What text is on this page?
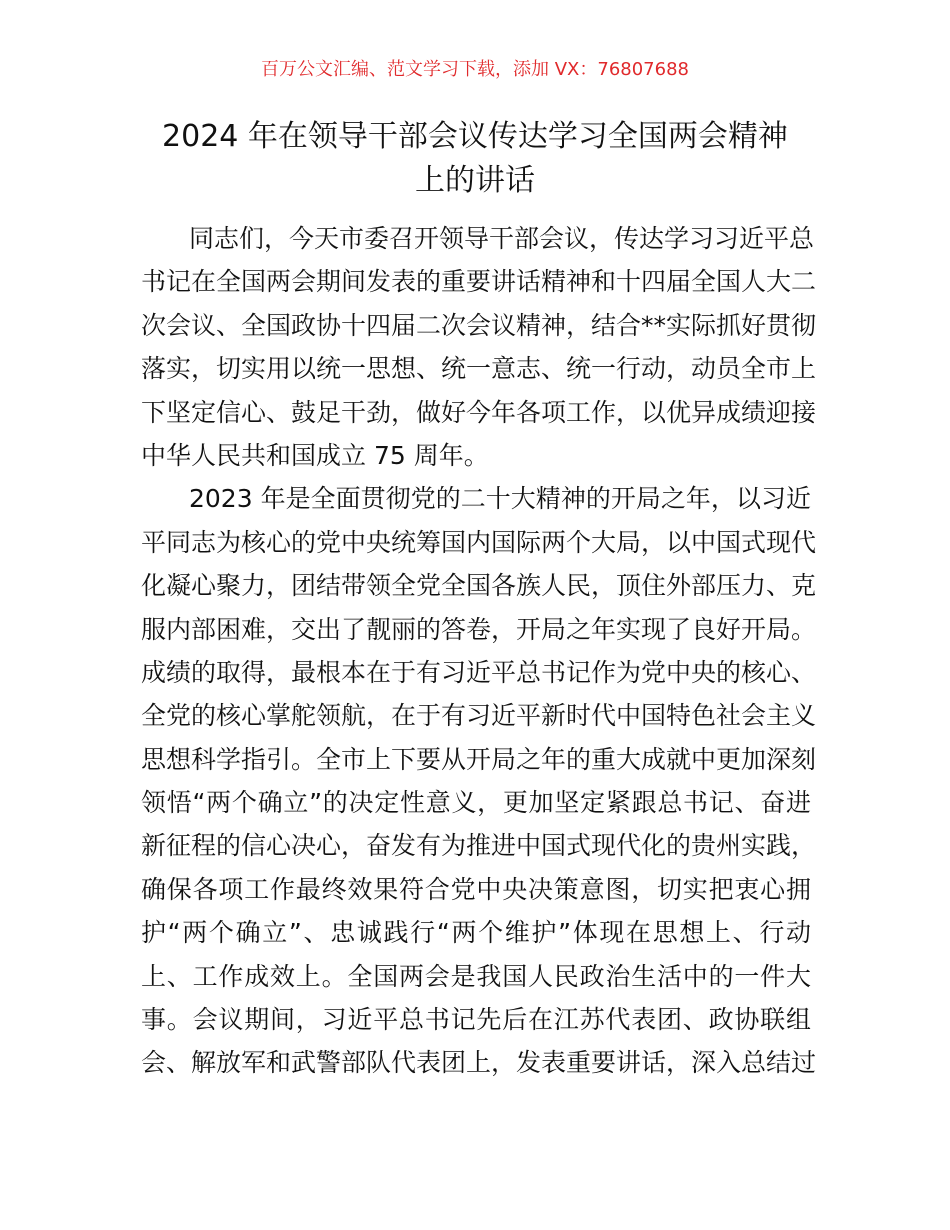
百万公文汇编、范文学习下载，添加 VX：76807688
2024 年在领导干部会议传达学习全国两会精神
上的讲话
同志们，今天市委召开领导干部会议，传达学习习近平总
书记在全国两会期间发表的重要讲话精神和十四届全国人大二
次会议、全国政协十四届二次会议精神，结合**实际抓好贯彻
落实，切实用以统一思想、统一意志、统一行动，动员全市上
下坚定信心、鼓足干劲，做好今年各项工作，以优异成绩迎接
中华人民共和国成立 75 周年。
2023 年是全面贯彻党的二十大精神的开局之年，以习近
平同志为核心的党中央统筹国内国际两个大局，以中国式现代
化凝心聚力，团结带领全党全国各族人民，顶住外部压力、克
服内部困难，交出了靓丽的答卷，开局之年实现了良好开局。
成绩的取得，最根本在于有习近平总书记作为党中央的核心、
全党的核心掌舵领航，在于有习近平新时代中国特色社会主义
思想科学指引。全市上下要从开局之年的重大成就中更加深刻
领悟“两个确立”的决定性意义，更加坚定紧跟总书记、奋进
新征程的信心决心，奋发有为推进中国式现代化的贵州实践，
确保各项工作最终效果符合党中央决策意图，切实把衷心拥
护“两个确立”、忠诚践行“两个维护”体现在思想上、行动
上、工作成效上。全国两会是我国人民政治生活中的一件大
事。会议期间，习近平总书记先后在江苏代表团、政协联组
会、解放军和武警部队代表团上，发表重要讲话，深入总结过
